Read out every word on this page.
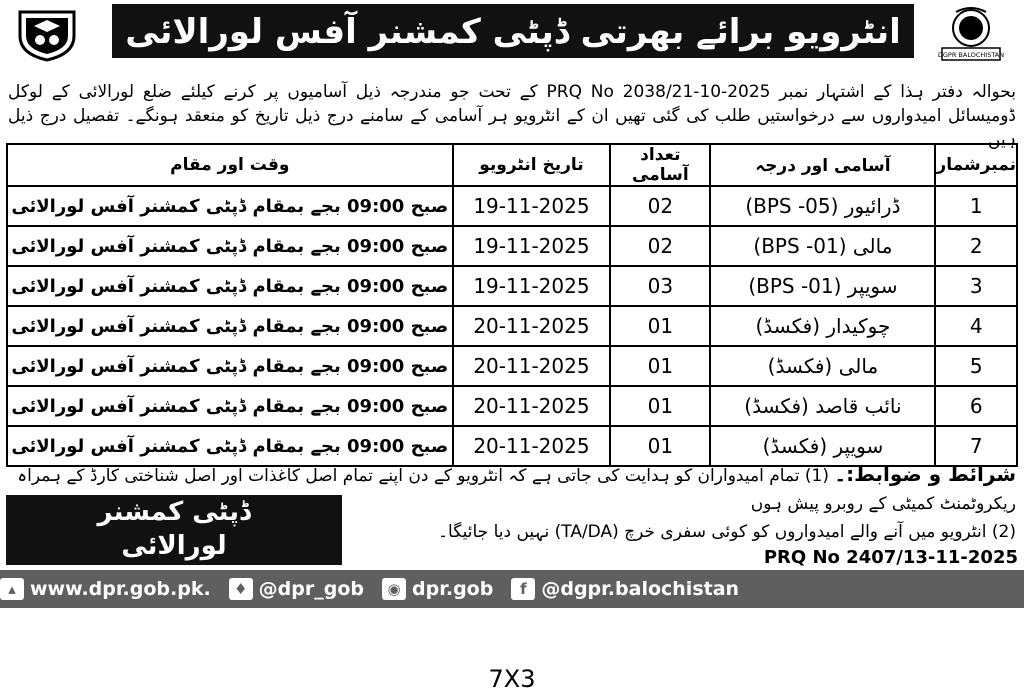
انٹرویو برائے بھرتی ڈپٹی کمشنر آفس لورالائی
DGPR BALOCHISTAN
بحوالہ دفتر ہذا کے اشتہار نمبر PRQ No 2038/21-10-2025 کے تحت جو مندرجہ ذیل آسامیوں پر کرنے کیلئے ضلع لورالائی کے لوکل ڈومیسائل امیدواروں سے درخواستیں طلب کی گئی تھیں ان کے انٹرویو ہر آسامی کے سامنے درج ذیل تاریخ کو منعقد ہونگے۔ تفصیل درج ذیل ہیں۔
نمبرشمار	آسامی اور درجہ	تعداد آسامی	تاریخ انٹرویو	وقت اور مقام
1	ڈرائیور (BPS -05)	02	19-11-2025	صبح 09:00 بجے بمقام ڈپٹی کمشنر آفس لورالائی
2	مالی (BPS -01)	02	19-11-2025	صبح 09:00 بجے بمقام ڈپٹی کمشنر آفس لورالائی
3	سویپر (BPS -01)	03	19-11-2025	صبح 09:00 بجے بمقام ڈپٹی کمشنر آفس لورالائی
4	چوکیدار (فکسڈ)	01	20-11-2025	صبح 09:00 بجے بمقام ڈپٹی کمشنر آفس لورالائی
5	مالی (فکسڈ)	01	20-11-2025	صبح 09:00 بجے بمقام ڈپٹی کمشنر آفس لورالائی
6	نائب قاصد (فکسڈ)	01	20-11-2025	صبح 09:00 بجے بمقام ڈپٹی کمشنر آفس لورالائی
7	سویپر (فکسڈ)	01	20-11-2025	صبح 09:00 بجے بمقام ڈپٹی کمشنر آفس لورالائی
شرائط و ضوابط:۔ (1) تمام امیدواران کو ہدایت کی جاتی ہے کہ انٹرویو کے دن اپنے تمام اصل کاغذات اور اصل شناختی کارڈ کے ہمراہ ریکروٹمنٹ کمیٹی کے روبرو پیش ہوں
(2) انٹرویو میں آنے والے امیدواروں کو کوئی سفری خرچ (TA/DA) نہیں دیا جائیگا۔
ڈپٹی کمشنر
لورالائی	PRQ No 2407/13-11-2025
▴ www.dpr.gob.pk.	♦ @dpr_gob	◉ dpr.gob	f @dgpr.balochistan
7X3
